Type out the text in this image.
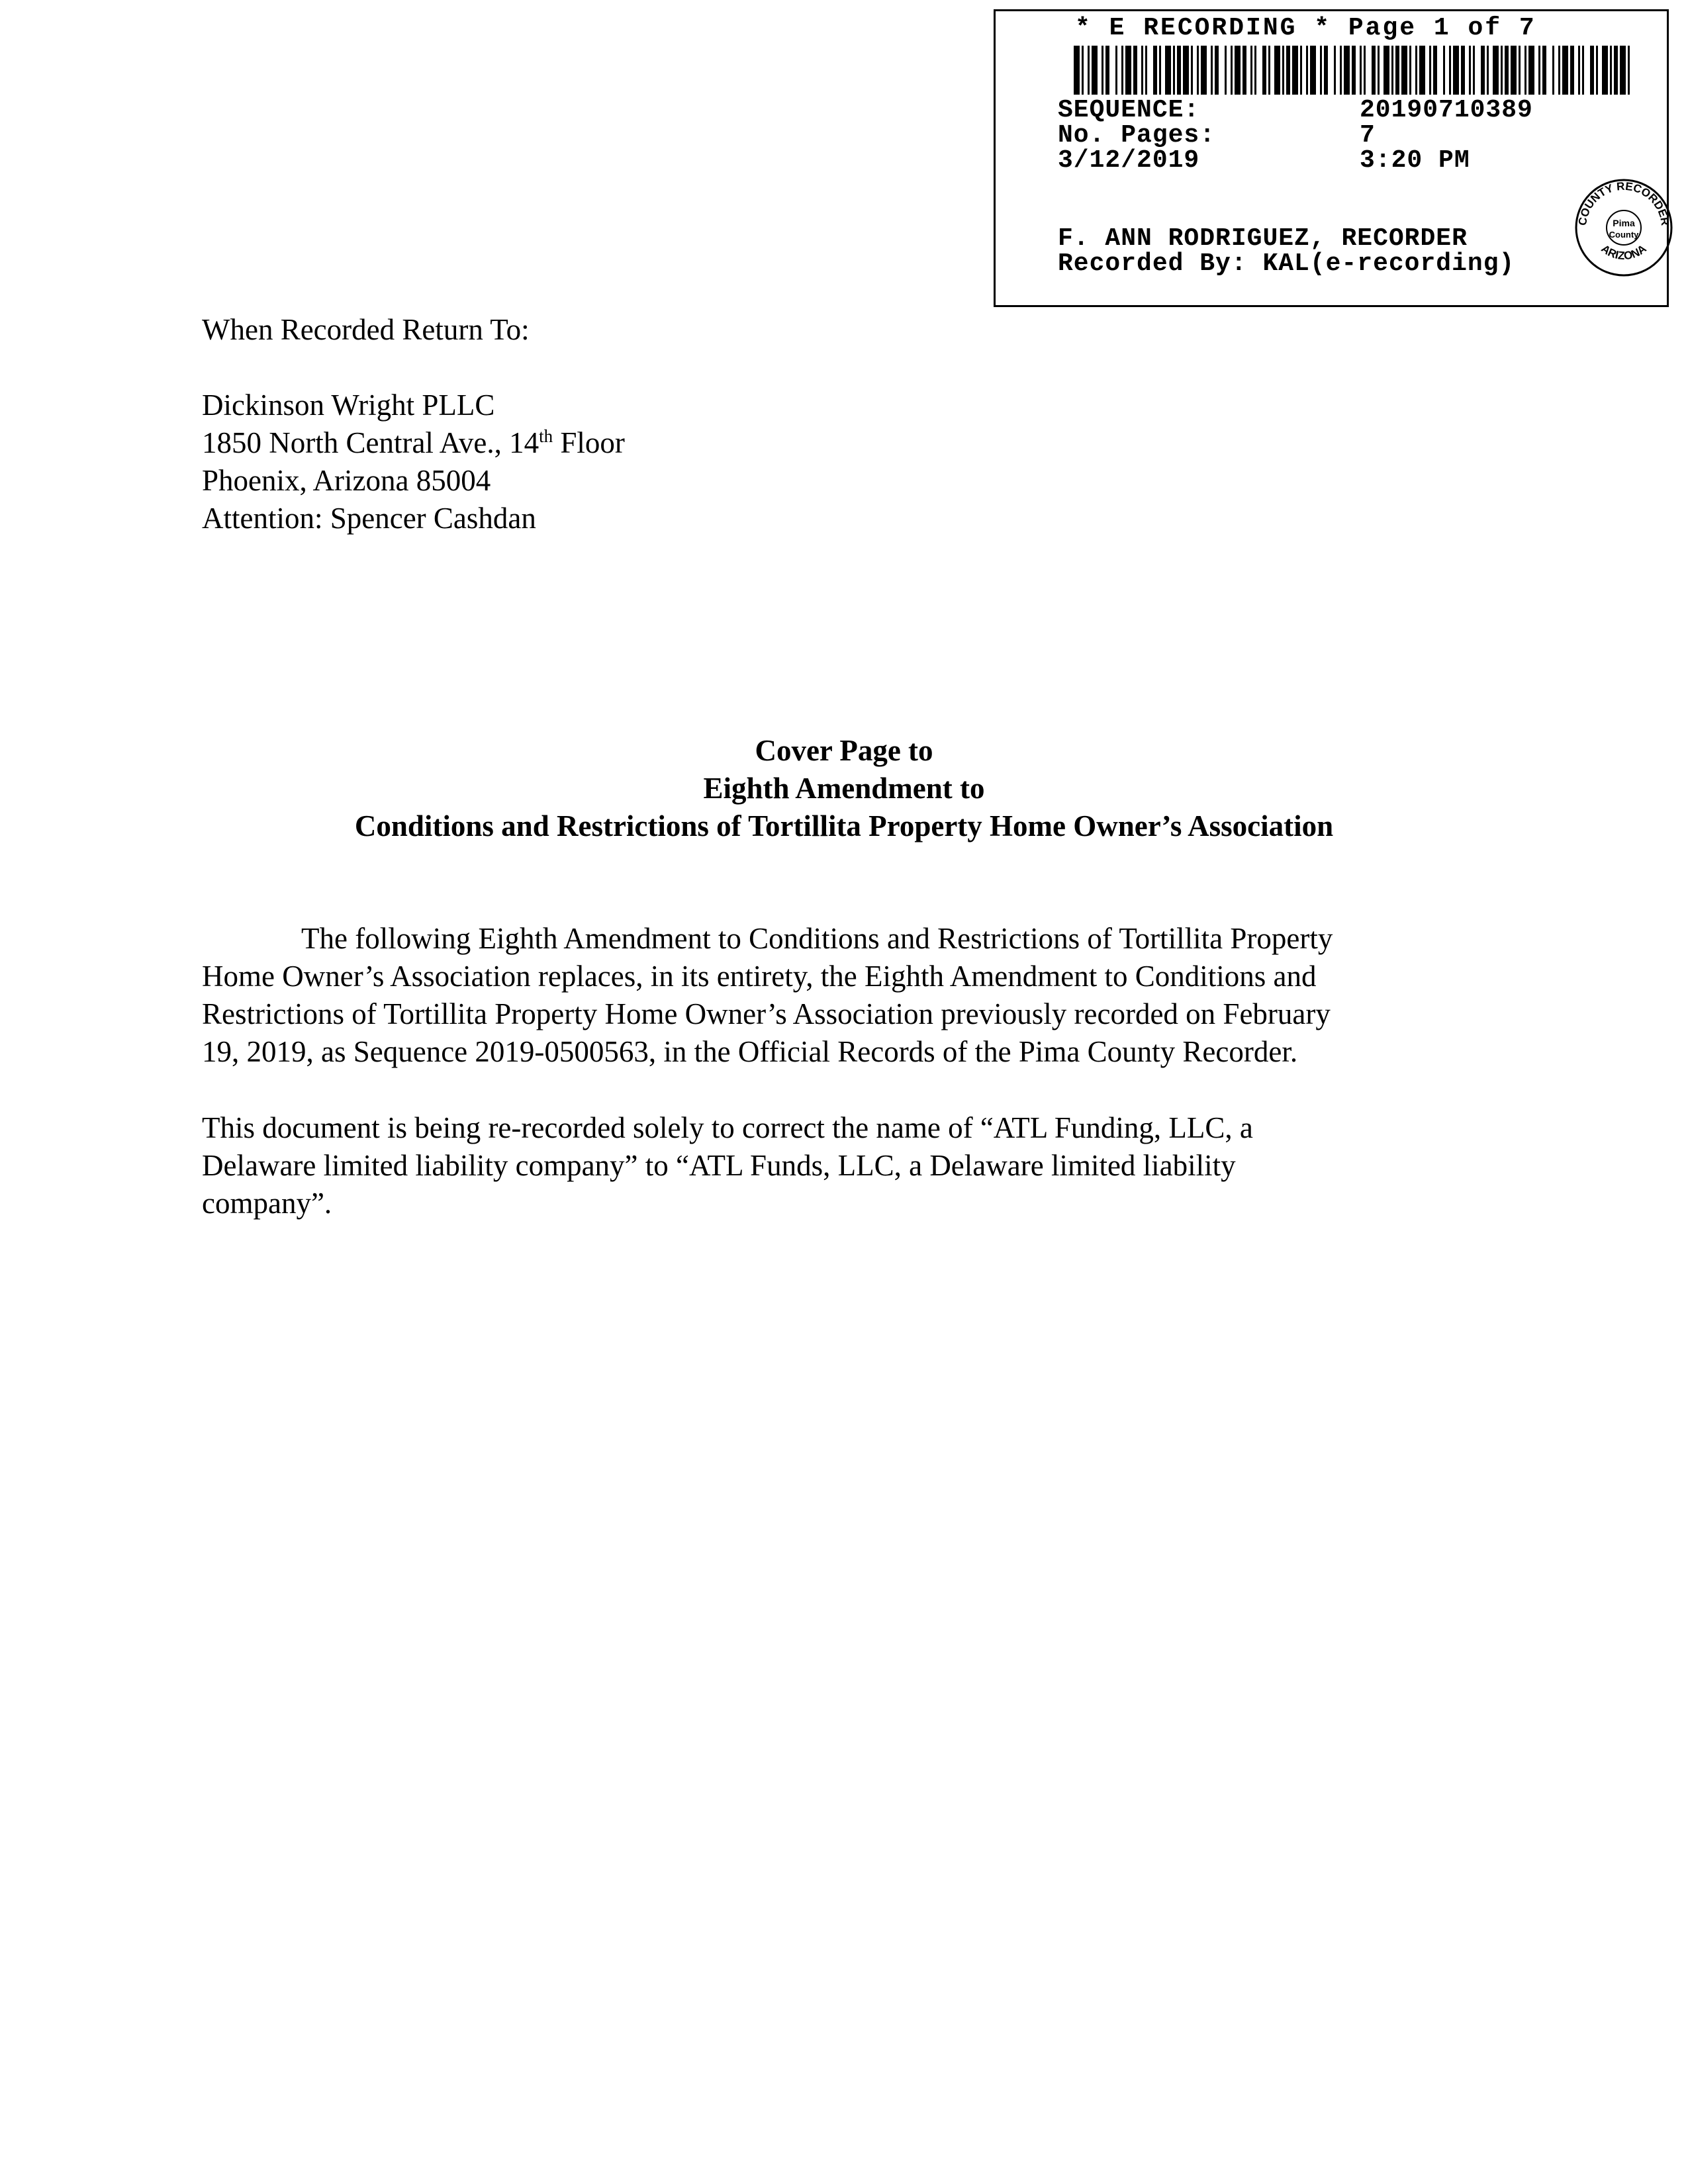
* E RECORDING * Page 1 of 7
SEQUENCE:	20190710389
No. Pages:	7
3/12/2019	3:20 PM
F. ANN RODRIGUEZ, RECORDER
Recorded By: KAL(e-recording)
COUNTY RECORDER
ARIZONA
Pima
County
When Recorded Return To:
Dickinson Wright PLLC
1850 North Central Ave., 14th Floor
Phoenix, Arizona 85004
Attention: Spencer Cashdan
Cover Page to
Eighth Amendment to
Conditions and Restrictions of Tortillita Property Home Owner’s Association
The following Eighth Amendment to Conditions and Restrictions of Tortillita Property
Home Owner’s Association replaces, in its entirety, the Eighth Amendment to Conditions and
Restrictions of Tortillita Property Home Owner’s Association previously recorded on February
19, 2019, as Sequence 2019-0500563, in the Official Records of the Pima County Recorder.
This document is being re-recorded solely to correct the name of “ATL Funding, LLC, a
Delaware limited liability company” to “ATL Funds, LLC, a Delaware limited liability
company”.
